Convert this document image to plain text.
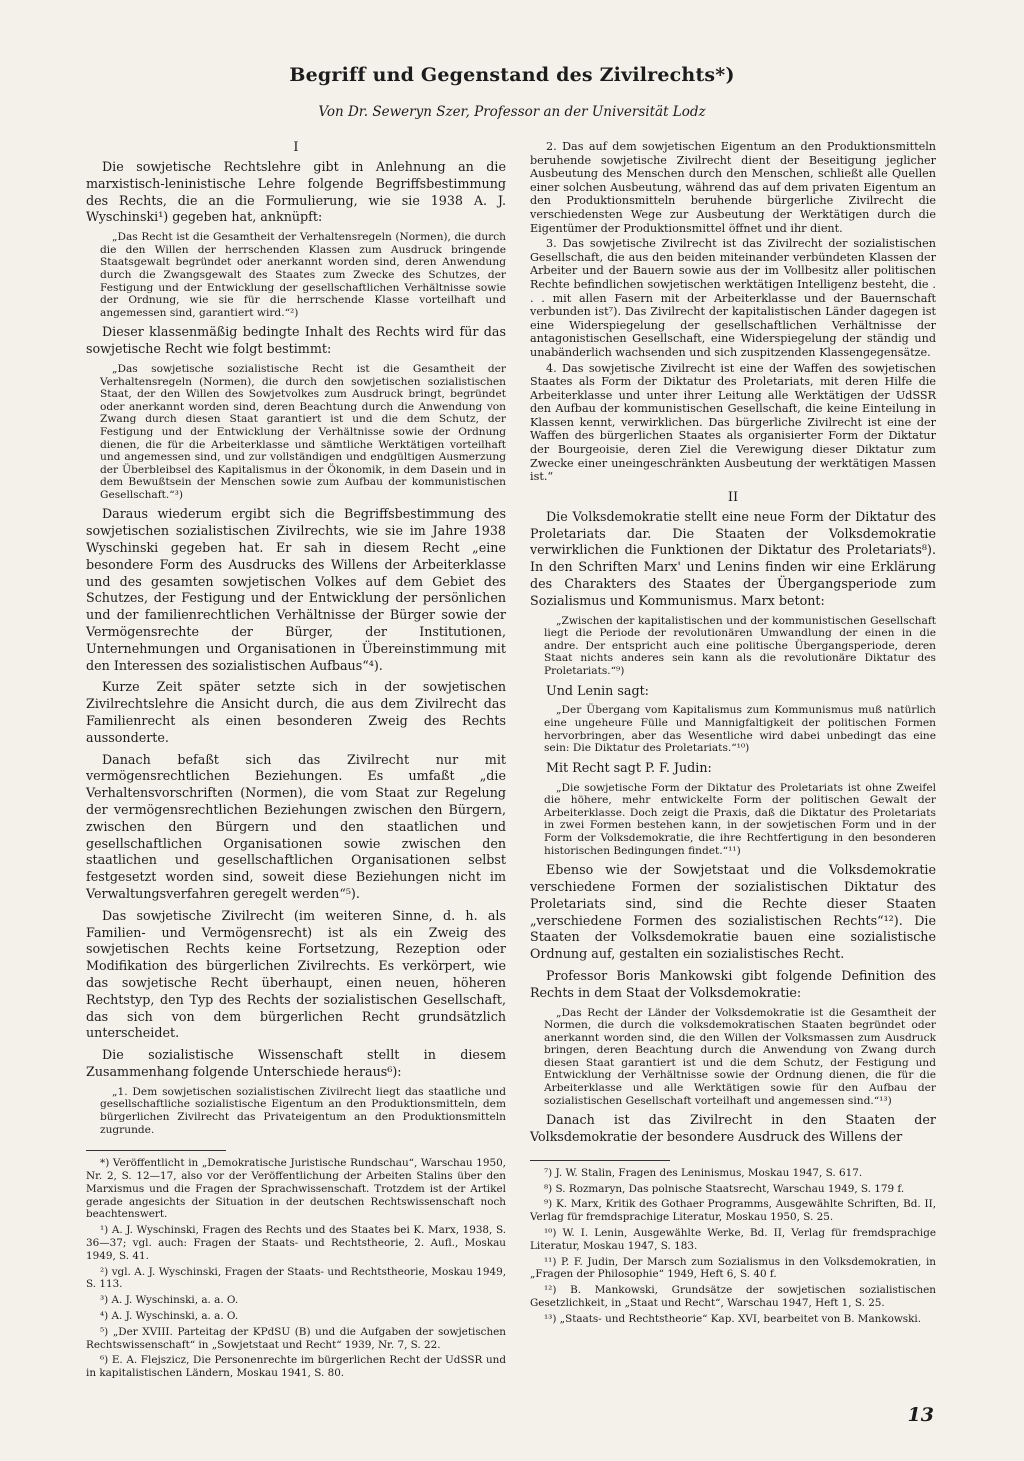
Begriff und Gegenstand des Zivilrechts*)
Von Dr. Seweryn Szer, Professor an der Universität Lodz
I

Die sowjetische Rechtslehre gibt in Anlehnung an die marxistisch-leninistische Lehre folgende Begriffsbestimmung des Rechts, die an die Formulierung, wie sie 1938 A. J. Wyschinski¹) gegeben hat, anknüpft:

„Das Recht ist die Gesamtheit der Verhaltensregeln (Normen), die durch die den Willen der herrschenden Klassen zum Ausdruck bringende Staatsgewalt begründet oder anerkannt worden sind, deren Anwendung durch die Zwangsgewalt des Staates zum Zwecke des Schutzes, der Festigung und der Entwicklung der gesellschaftlichen Verhältnisse sowie der Ordnung, wie sie für die herrschende Klasse vorteilhaft und angemessen sind, garantiert wird.“²)

Dieser klassenmäßig bedingte Inhalt des Rechts wird für das sowjetische Recht wie folgt bestimmt:

„Das sowjetische sozialistische Recht ist die Gesamtheit der Verhaltensregeln (Normen), die durch den sowjetischen sozialistischen Staat, der den Willen des Sowjetvolkes zum Ausdruck bringt, begründet oder anerkannt worden sind, deren Beachtung durch die Anwendung von Zwang durch diesen Staat garantiert ist und die dem Schutz, der Festigung und der Entwicklung der Verhältnisse sowie der Ordnung dienen, die für die Arbeiterklasse und sämtliche Werktätigen vorteilhaft und angemessen sind, und zur vollständigen und endgültigen Ausmerzung der Überbleibsel des Kapitalismus in der Ökonomik, in dem Dasein und in dem Bewußtsein der Menschen sowie zum Aufbau der kommunistischen Gesellschaft.“³)

Daraus wiederum ergibt sich die Begriffsbestimmung des sowjetischen sozialistischen Zivilrechts, wie sie im Jahre 1938 Wyschinski gegeben hat. Er sah in diesem Recht „eine besondere Form des Ausdrucks des Willens der Arbeiterklasse und des gesamten sowjetischen Volkes auf dem Gebiet des Schutzes, der Festigung und der Entwicklung der persönlichen und der familienrechtlichen Verhältnisse der Bürger sowie der Vermögensrechte der Bürger, der Institutionen, Unternehmungen und Organisationen in Übereinstimmung mit den Interessen des sozialistischen Aufbaus“⁴).

Kurze Zeit später setzte sich in der sowjetischen Zivilrechtslehre die Ansicht durch, die aus dem Zivilrecht das Familienrecht als einen besonderen Zweig des Rechts aussonderte.

Danach befaßt sich das Zivilrecht nur mit vermögensrechtlichen Beziehungen. Es umfaßt „die Verhaltensvorschriften (Normen), die vom Staat zur Regelung der vermögensrechtlichen Beziehungen zwischen den Bürgern, zwischen den Bürgern und den staatlichen und gesellschaftlichen Organisationen sowie zwischen den staatlichen und gesellschaftlichen Organisationen selbst festgesetzt worden sind, soweit diese Beziehungen nicht im Verwaltungsverfahren geregelt werden“⁵).

Das sowjetische Zivilrecht (im weiteren Sinne, d. h. als Familien- und Vermögensrecht) ist als ein Zweig des sowjetischen Rechts keine Fortsetzung, Rezeption oder Modifikation des bürgerlichen Zivilrechts. Es verkörpert, wie das sowjetische Recht überhaupt, einen neuen, höheren Rechtstyp, den Typ des Rechts der sozialistischen Gesellschaft, das sich von dem bürgerlichen Recht grundsätzlich unterscheidet.

Die sozialistische Wissenschaft stellt in diesem Zusammenhang folgende Unterschiede heraus⁶):

„1. Dem sowjetischen sozialistischen Zivilrecht liegt das staatliche und gesellschaftliche sozialistische Eigentum an den Produktionsmitteln, dem bürgerlichen Zivilrecht das Privateigentum an den Produktionsmitteln zugrunde.

*) Veröffentlicht in „Demokratische Juristische Rundschau“, Warschau 1950, Nr. 2, S. 12—17, also vor der Veröffentlichung der Arbeiten Stalins über den Marxismus und die Fragen der Sprachwissenschaft. Trotzdem ist der Artikel gerade angesichts der Situation in der deutschen Rechtswissenschaft noch beachtenswert.

¹) A. J. Wyschinski, Fragen des Rechts und des Staates bei K. Marx, 1938, S. 36—37; vgl. auch: Fragen der Staats- und Rechtstheorie, 2. Aufl., Moskau 1949, S. 41.

²) vgl. A. J. Wyschinski, Fragen der Staats- und Rechtstheorie, Moskau 1949, S. 113.

³) A. J. Wyschinski, a. a. O.

⁴) A. J. Wyschinski, a. a. O.

⁵) „Der XVIII. Parteitag der KPdSU (B) und die Aufgaben der sowjetischen Rechtswissenschaft“ in „Sowjetstaat und Recht“ 1939, Nr. 7, S. 22.

⁶) E. A. Flejszicz, Die Personenrechte im bürgerlichen Recht der UdSSR und in kapitalistischen Ländern, Moskau 1941, S. 80.

2. Das auf dem sowjetischen Eigentum an den Produktionsmitteln beruhende sowjetische Zivilrecht dient der Beseitigung jeglicher Ausbeutung des Menschen durch den Menschen, schließt alle Quellen einer solchen Ausbeutung, während das auf dem privaten Eigentum an den Produktionsmitteln beruhende bürgerliche Zivilrecht die verschiedensten Wege zur Ausbeutung der Werktätigen durch die Eigentümer der Produktionsmittel öffnet und ihr dient.

3. Das sowjetische Zivilrecht ist das Zivilrecht der sozialistischen Gesellschaft, die aus den beiden miteinander verbündeten Klassen der Arbeiter und der Bauern sowie aus der im Vollbesitz aller politischen Rechte befindlichen sowjetischen werktätigen Intelligenz besteht, die . . . mit allen Fasern mit der Arbeiterklasse und der Bauernschaft verbunden ist⁷). Das Zivilrecht der kapitalistischen Länder dagegen ist eine Widerspiegelung der gesellschaftlichen Verhältnisse der antagonistischen Gesellschaft, eine Widerspiegelung der ständig und unabänderlich wachsenden und sich zuspitzenden Klassengegensätze.

4. Das sowjetische Zivilrecht ist eine der Waffen des sowjetischen Staates als Form der Diktatur des Proletariats, mit deren Hilfe die Arbeiterklasse und unter ihrer Leitung alle Werktätigen der UdSSR den Aufbau der kommunistischen Gesellschaft, die keine Einteilung in Klassen kennt, verwirklichen. Das bürgerliche Zivilrecht ist eine der Waffen des bürgerlichen Staates als organisierter Form der Diktatur der Bourgeoisie, deren Ziel die Verewigung dieser Diktatur zum Zwecke einer uneingeschränkten Ausbeutung der werktätigen Massen ist.“

II

Die Volksdemokratie stellt eine neue Form der Diktatur des Proletariats dar. Die Staaten der Volksdemokratie verwirklichen die Funktionen der Diktatur des Proletariats⁸). In den Schriften Marx' und Lenins finden wir eine Erklärung des Charakters des Staates der Übergangsperiode zum Sozialismus und Kommunismus. Marx betont:

„Zwischen der kapitalistischen und der kommunistischen Gesellschaft liegt die Periode der revolutionären Umwandlung der einen in die andre. Der entspricht auch eine politische Übergangsperiode, deren Staat nichts anderes sein kann als die revolutionäre Diktatur des Proletariats.“⁹)

Und Lenin sagt:

„Der Übergang vom Kapitalismus zum Kommunismus muß natürlich eine ungeheure Fülle und Mannigfaltigkeit der politischen Formen hervorbringen, aber das Wesentliche wird dabei unbedingt das eine sein: Die Diktatur des Proletariats.“¹⁰)

Mit Recht sagt P. F. Judin:

„Die sowjetische Form der Diktatur des Proletariats ist ohne Zweifel die höhere, mehr entwickelte Form der politischen Gewalt der Arbeiterklasse. Doch zeigt die Praxis, daß die Diktatur des Proletariats in zwei Formen bestehen kann, in der sowjetischen Form und in der Form der Volksdemokratie, die ihre Rechtfertigung in den besonderen historischen Bedingungen findet.“¹¹)

Ebenso wie der Sowjetstaat und die Volksdemokratie verschiedene Formen der sozialistischen Diktatur des Proletariats sind, sind die Rechte dieser Staaten „verschiedene Formen des sozialistischen Rechts“¹²). Die Staaten der Volksdemokratie bauen eine sozialistische Ordnung auf, gestalten ein sozialistisches Recht.

Professor Boris Mankowski gibt folgende Definition des Rechts in dem Staat der Volksdemokratie:

„Das Recht der Länder der Volksdemokratie ist die Gesamtheit der Normen, die durch die volksdemokratischen Staaten begründet oder anerkannt worden sind, die den Willen der Volksmassen zum Ausdruck bringen, deren Beachtung durch die Anwendung von Zwang durch diesen Staat garantiert ist und die dem Schutz, der Festigung und Entwicklung der Verhältnisse sowie der Ordnung dienen, die für die Arbeiterklasse und alle Werktätigen sowie für den Aufbau der sozialistischen Gesellschaft vorteilhaft und angemessen sind.“¹³)

Danach ist das Zivilrecht in den Staaten der Volksdemokratie der besondere Ausdruck des Willens der

⁷) J. W. Stalin, Fragen des Leninismus, Moskau 1947, S. 617.

⁸) S. Rozmaryn, Das polnische Staatsrecht, Warschau 1949, S. 179 f.

⁹) K. Marx, Kritik des Gothaer Programms, Ausgewählte Schriften, Bd. II, Verlag für fremdsprachige Literatur, Moskau 1950, S. 25.

¹⁰) W. I. Lenin, Ausgewählte Werke, Bd. II, Verlag für fremdsprachige Literatur, Moskau 1947, S. 183.

¹¹) P. F. Judin, Der Marsch zum Sozialismus in den Volksdemokratien, in „Fragen der Philosophie“ 1949, Heft 6, S. 40 f.

¹²) B. Mankowski, Grundsätze der sowjetischen sozialistischen Gesetzlichkeit, in „Staat und Recht“, Warschau 1947, Heft 1, S. 25.

¹³) „Staats- und Rechtstheorie“ Kap. XVI, bearbeitet von B. Mankowski.

13
